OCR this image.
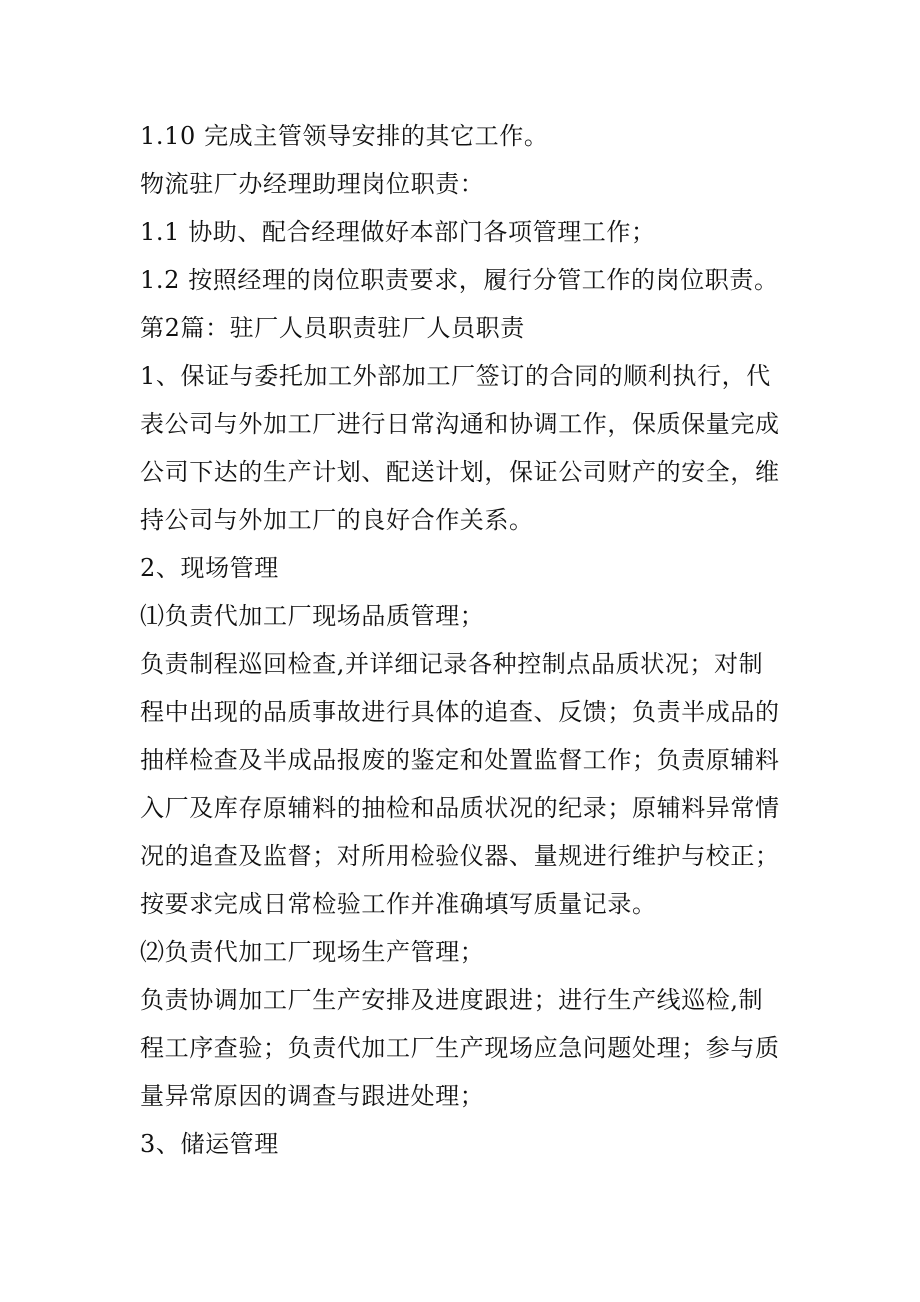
1.10 完成主管领导安排的其它工作。
物流驻厂办经理助理岗位职责：
1.1 协助、配合经理做好本部门各项管理工作；
1.2 按照经理的岗位职责要求，履行分管工作的岗位职责。
第2篇：驻厂人员职责驻厂人员职责
1、保证与委托加工外部加工厂签订的合同的顺利执行，代
表公司与外加工厂进行日常沟通和协调工作，保质保量完成
公司下达的生产计划、配送计划，保证公司财产的安全，维
持公司与外加工厂的良好合作关系。
2、现场管理
⑴负责代加工厂现场品质管理；
负责制程巡回检查,并详细记录各种控制点品质状况；对制
程中出现的品质事故进行具体的追查、反馈；负责半成品的
抽样检查及半成品报废的鉴定和处置监督工作；负责原辅料
入厂及库存原辅料的抽检和品质状况的纪录；原辅料异常情
况的追查及监督；对所用检验仪器、量规进行维护与校正；
按要求完成日常检验工作并准确填写质量记录。
⑵负责代加工厂现场生产管理；
负责协调加工厂生产安排及进度跟进；进行生产线巡检,制
程工序查验；负责代加工厂生产现场应急问题处理；参与质
量异常原因的调查与跟进处理；
3、储运管理
